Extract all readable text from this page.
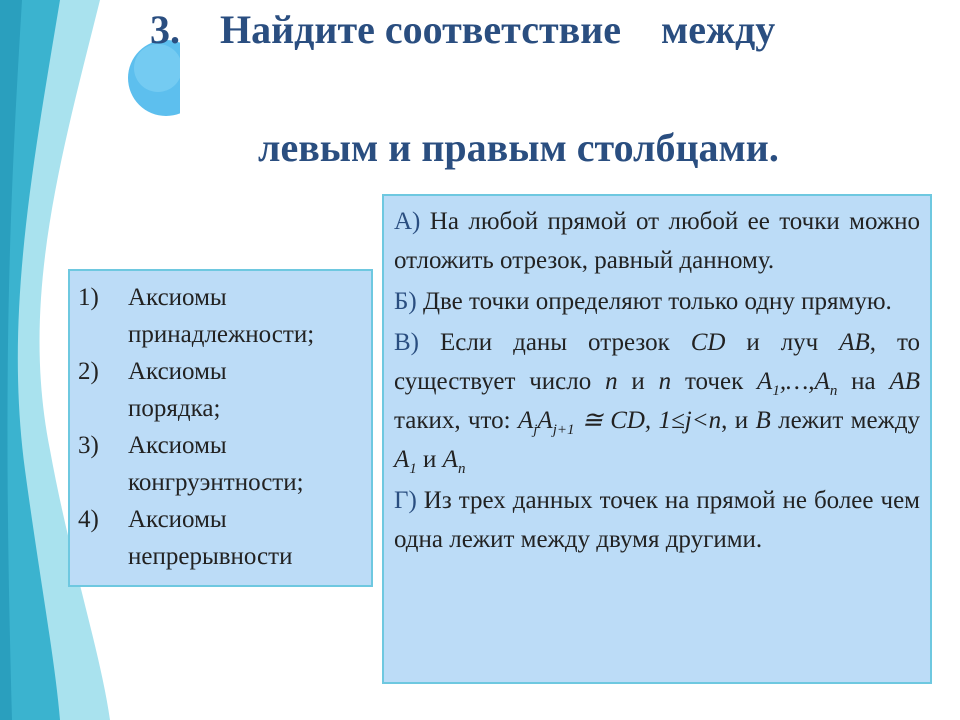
3. Найдите соответствие между
левым и правым столбцами.
1)	Аксиомы
принадлежности;
2)	Аксиомы
порядка;
3)	Аксиомы
конгруэнтности;
4)	Аксиомы
непрерывности

А) На любой прямой от любой ее точки можно отложить отрезок, равный данному.

Б) Две точки определяют только одну прямую.

В) Если даны отрезок CD и луч AB, то существует число n и n точек $A_1,\dots,A_n$ на AB таких, что: $A_jA_{j+1}$ ≅ CD, 1≤j<n, и B лежит между $A_1$ и $A_n$

Г) Из трех данных точек на прямой не более чем одна лежит между двумя другими.
